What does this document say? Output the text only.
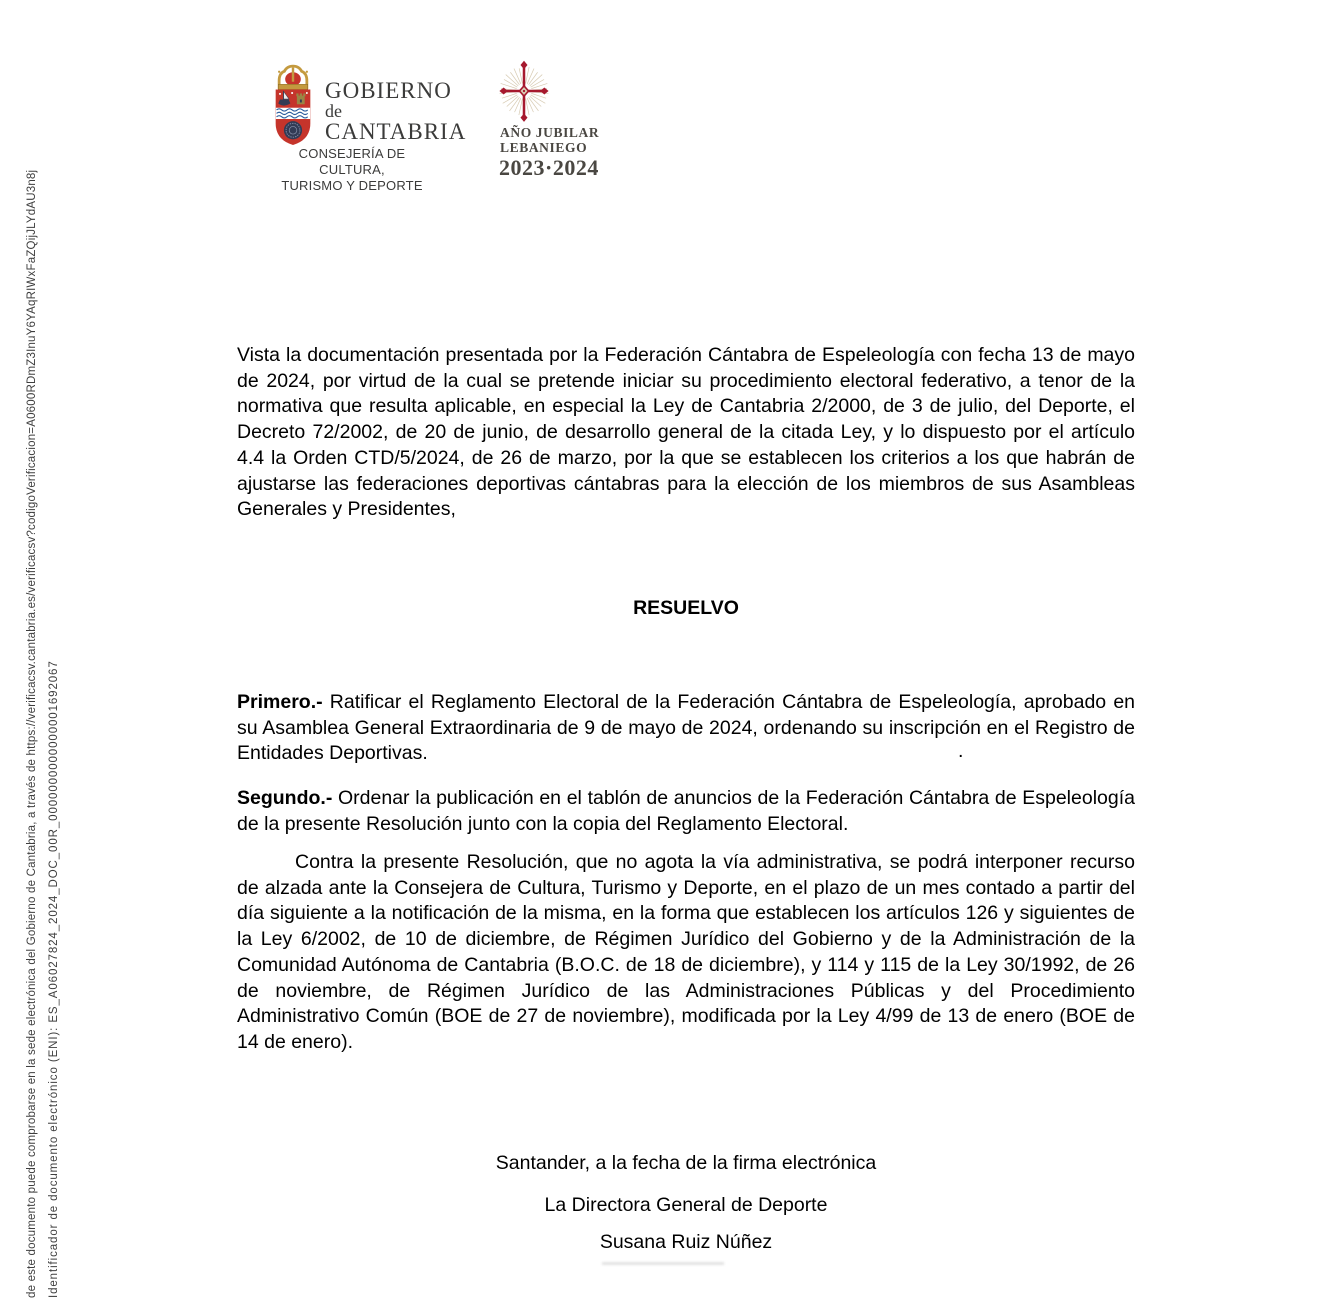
de este documento puede comprobarse en la sede electrónica del Gobierno de Cantabria, a través de https://verificacsv.cantabria.es/verificacsv?codigoVerificacion=A0600RDmZ3InuY6YAqRIWxFaZQijJLYdAU3n8j Identificador de documento electrónico (ENI): ES_A06027824_2024_DOC_00R_0000000000000001692067
GOBIERNO
de
CANTABRIA
CONSEJERÍA DE CULTURA,
TURISMO Y DEPORTE
AÑO JUBILAR
LEBANIEGO
2023·2024
Vista la documentación presentada por la Federación Cántabra de Espeleología con fecha 13 de mayo de 2024, por virtud de la cual se pretende iniciar su procedimiento electoral federativo, a tenor de la normativa que resulta aplicable, en especial la Ley de Cantabria 2/2000, de 3 de julio, del Deporte, el Decreto 72/2002, de 20 de junio, de desarrollo general de la citada Ley, y lo dispuesto por el artículo 4.4 la Orden CTD/5/2024, de 26 de marzo, por la que se establecen los criterios a los que habrán de ajustarse las federaciones deportivas cántabras para la elección de los miembros de sus Asambleas Generales y Presidentes,
RESUELVO
Primero.- Ratificar el Reglamento Electoral de la Federación Cántabra de Espeleología, aprobado en su Asamblea General Extraordinaria de 9 de mayo de 2024, ordenando su inscripción en el Registro de Entidades Deportivas.	.
Segundo.- Ordenar la publicación en el tablón de anuncios de la Federación Cántabra de Espeleología de la presente Resolución junto con la copia del Reglamento Electoral.
Contra la presente Resolución, que no agota la vía administrativa, se podrá interponer recurso de alzada ante la Consejera de Cultura, Turismo y Deporte, en el plazo de un mes contado a partir del día siguiente a la notificación de la misma, en la forma que establecen los artículos 126 y siguientes de la Ley 6/2002, de 10 de diciembre, de Régimen Jurídico del Gobierno y de la Administración de la Comunidad Autónoma de Cantabria (B.O.C. de 18 de diciembre), y 114 y 115 de la Ley 30/1992, de 26 de noviembre, de Régimen Jurídico de las Administraciones Públicas y del Procedimiento Administrativo Común (BOE de 27 de noviembre), modificada por la Ley 4/99 de 13 de enero (BOE de 14 de enero).
Santander, a la fecha de la firma electrónica
La Directora General de Deporte
Susana Ruiz Núñez
